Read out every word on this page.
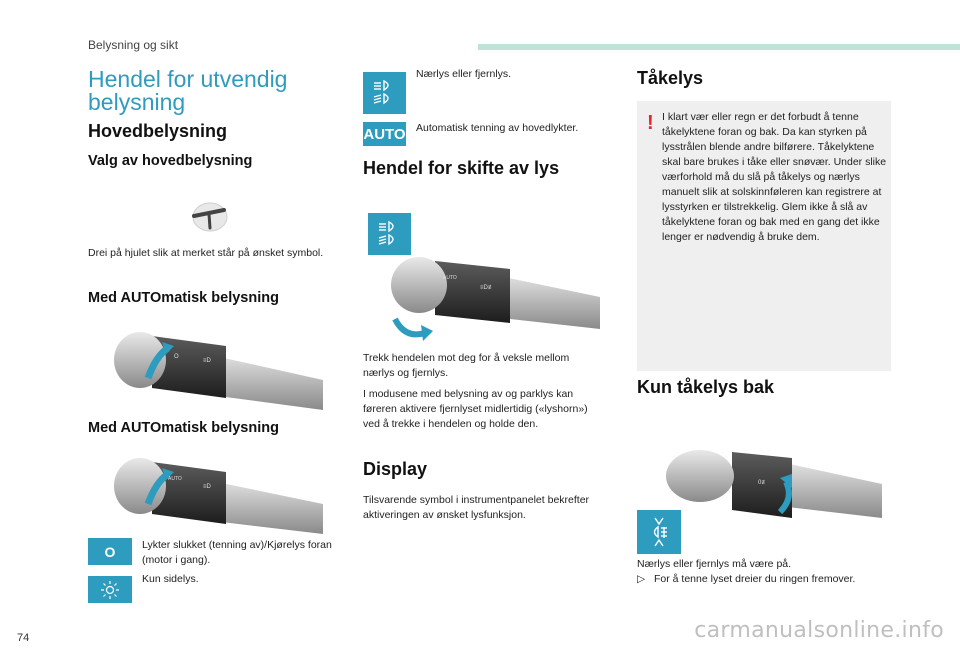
Belysning og sikt
Hendel for utvendig belysning
Hovedbelysning
Valg av hovedbelysning
Drei på hjulet slik at merket står på ønsket symbol.
Med AUTOmatisk belysning
O
≡D
Med AUTOmatisk belysning
AUTO
≡D
O	Lykter slukket (tenning av)/Kjørelys foran (motor i gang).
Kun sidelys.
Nærlys eller fjernlys.
AUTO Automatisk tenning av hovedlykter.
Hendel for skifte av lys
AUTO
≡D≢
Trekk hendelen mot deg for å veksle mellom nærlys og fjernlys.
I modusene med belysning av og parklys kan føreren aktivere fjernlyset midlertidig («lyshorn») ved å trekke i hendelen og holde den.
Display
Tilsvarende symbol i instrumentpanelet bekrefter aktiveringen av ønsket lysfunksjon.
Tåkelys
! I klart vær eller regn er det forbudt å tenne tåkelyktene foran og bak. Da kan styrken på lysstrålen blende andre bilførere. Tåkelyktene skal bare brukes i tåke eller snøvær. Under slike værforhold må du slå på tåkelys og nærlys manuelt slik at solskinnføleren kan registrere at lysstyrken er tilstrekkelig. Glem ikke å slå av tåkelyktene foran og bak med en gang det ikke lenger er nødvendig å bruke dem.
Kun tåkelys bak
0≢
Nærlys eller fjernlys må være på.
▷ For å tenne lyset dreier du ringen fremover.
74	carmanualsonline.info
